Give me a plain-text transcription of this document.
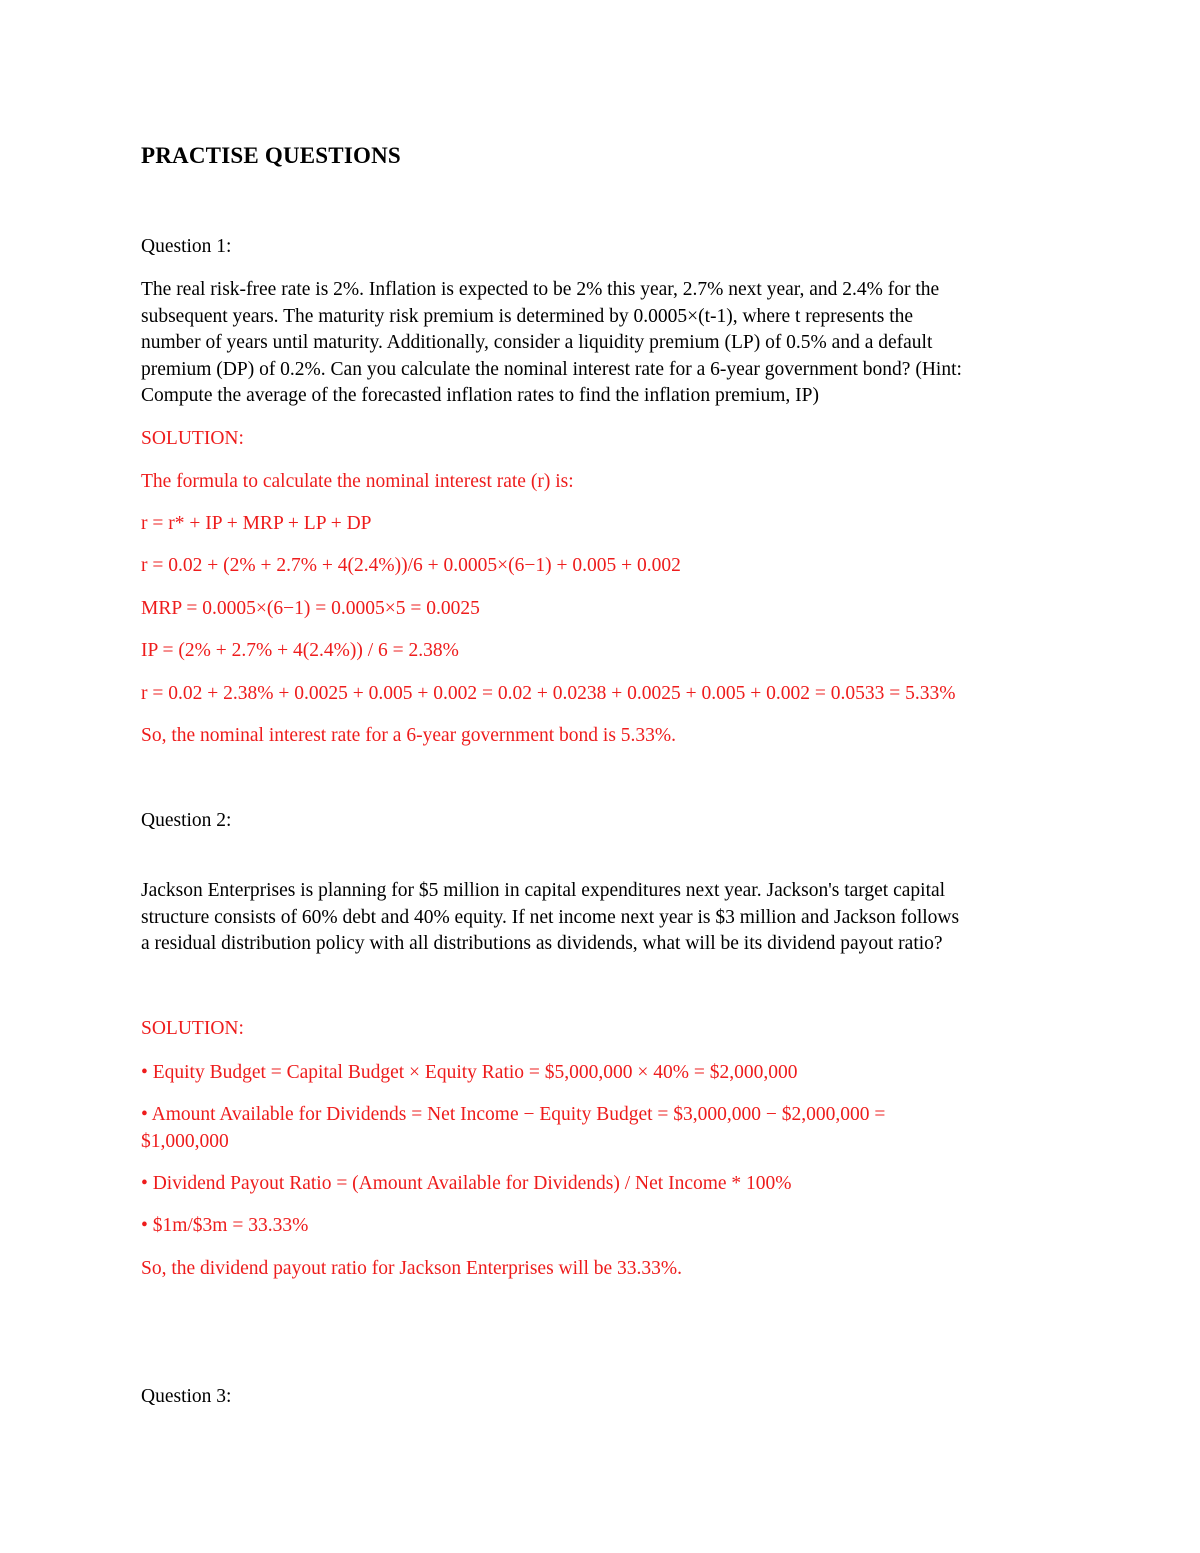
PRACTISE QUESTIONS

Question 1:

The real risk-free rate is 2%. Inflation is expected to be 2% this year, 2.7% next year, and 2.4% for the

subsequent years. The maturity risk premium is determined by 0.0005×(t-1), where t represents the

number of years until maturity. Additionally, consider a liquidity premium (LP) of 0.5% and a default

premium (DP) of 0.2%. Can you calculate the nominal interest rate for a 6-year government bond? (Hint:

Compute the average of the forecasted inflation rates to find the inflation premium, IP)

SOLUTION:

The formula to calculate the nominal interest rate (r) is:

r = r* + IP + MRP + LP + DP

r = 0.02 + (2% + 2.7% + 4(2.4%))/6 + 0.0005×(6−1) + 0.005 + 0.002

MRP = 0.0005×(6−1) = 0.0005×5 = 0.0025

IP = (2% + 2.7% + 4(2.4%)) / 6 = 2.38%

r = 0.02 + 2.38% + 0.0025 + 0.005 + 0.002 = 0.02 + 0.0238 + 0.0025 + 0.005 + 0.002 = 0.0533 = 5.33%

So, the nominal interest rate for a 6-year government bond is 5.33%.

Question 2:

Jackson Enterprises is planning for $5 million in capital expenditures next year. Jackson's target capital

structure consists of 60% debt and 40% equity. If net income next year is $3 million and Jackson follows

a residual distribution policy with all distributions as dividends, what will be its dividend payout ratio?

SOLUTION:

• Equity Budget = Capital Budget × Equity Ratio = $5,000,000 × 40% = $2,000,000

• Amount Available for Dividends = Net Income − Equity Budget = $3,000,000 − $2,000,000 =

$1,000,000

• Dividend Payout Ratio = (Amount Available for Dividends) / Net Income * 100%

• $1m/$3m = 33.33%

So, the dividend payout ratio for Jackson Enterprises will be 33.33%.

Question 3:
